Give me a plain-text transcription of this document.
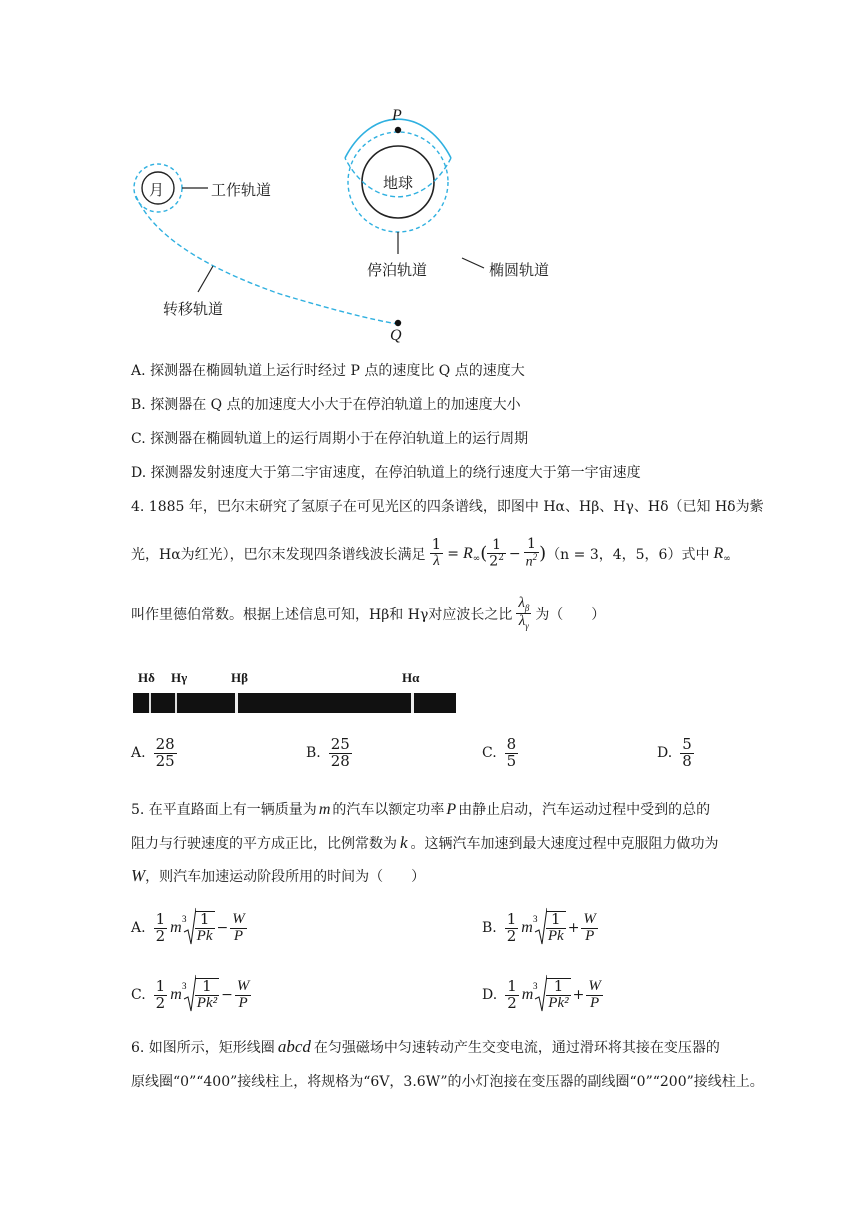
P
Q
月	地球
工作轨道
转移轨道
停泊轨道	椭圆轨道
A. 探测器在椭圆轨道上运行时经过 P 点的速度比 Q 点的速度大
B. 探测器在 Q 点的加速度大小大于在停泊轨道上的加速度大小
C. 探测器在椭圆轨道上的运行周期小于在停泊轨道上的运行周期
D. 探测器发射速度大于第二宇宙速度，在停泊轨道上的绕行速度大于第一宇宙速度
4. 1885 年，巴尔末研究了氢原子在可见光区的四条谱线，即图中 Hα、Hβ、Hγ、Hδ（已知 Hδ为紫
光，Hα为红光），巴尔末发现四条谱线波长满足 $\frac{1}{\lambda} = R$ ∞ ( $\frac{1}{2^2} - \frac{1}{n^2}$ ) （n = 3，4，5，6）式中 R ∞
叫作里德伯常数。根据上述信息可知，Hβ和 Hγ对应波长之比 $\frac{\lambda_\beta}{\lambda_\gamma}$ 为（　　）
Hδ Hγ	Hβ	Hα
A. $\frac{28}{25}$	B. $\frac{25}{28}$	C. $\frac{8}{5}$	D. $\frac{5}{8}$
5. 在平直路面上有一辆质量为 m 的汽车以额定功率 P 由静止启动，汽车运动过程中受到的总的
阻力与行驶速度的平方成正比，比例常数为 k 。这辆汽车加速到最大速度过程中克服阻力做功为
W，则汽车加速运动阶段所用的时间为（　　）
A. $\frac{1}{2}$ m $3 \frac{1}{Pk} - \frac{W}{P}$	B. $\frac{1}{2}$ m $3 \frac{1}{Pk} + \frac{W}{P}$
C. $\frac{1}{2}$ m $3 \frac{1}{\text{Pk²}} - \frac{W}{P}$	D. $\frac{1}{2}$ m $3 \frac{1}{\text{Pk²}} + \frac{W}{P}$
6. 如图所示，矩形线圈 abcd 在匀强磁场中匀速转动产生交变电流，通过滑环将其接在变压器的
原线圈“0”“400”接线柱上，将规格为“6V，3.6W”的小灯泡接在变压器的副线圈“0”“200”接线柱上。
